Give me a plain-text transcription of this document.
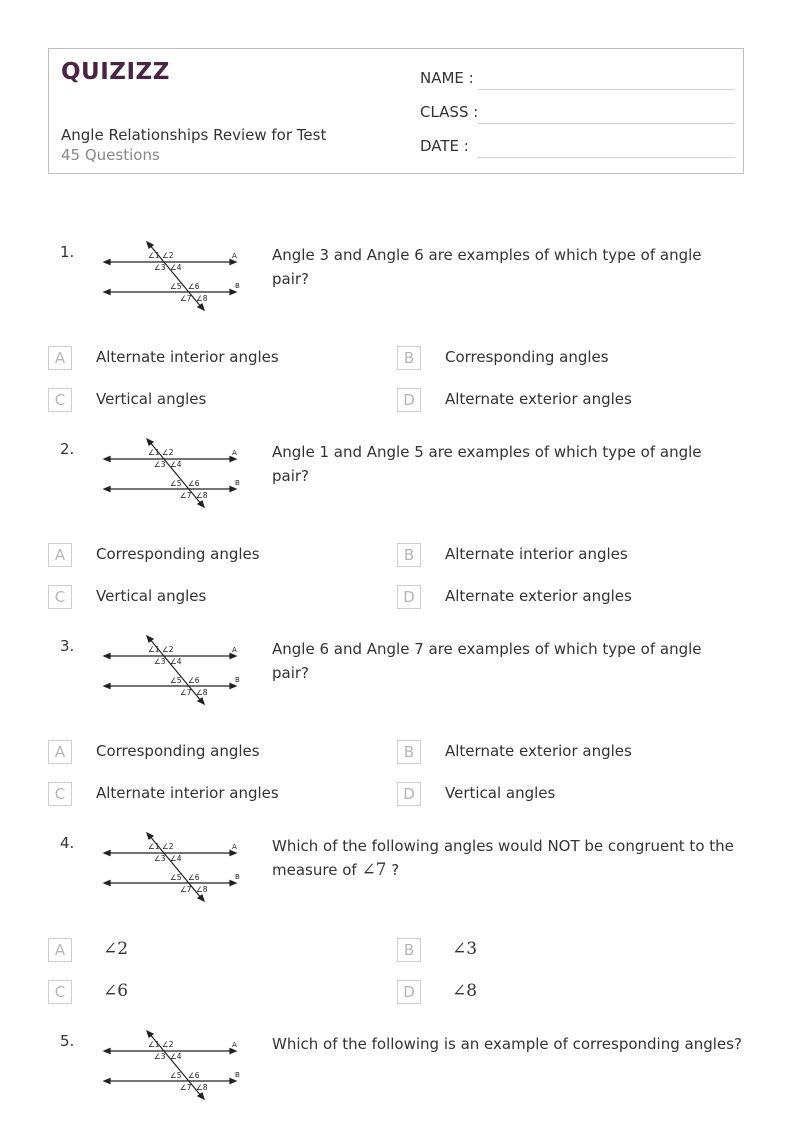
QUIZIZZ
Angle Relationships Review for Test
45 Questions
NAME :
CLASS :
DATE :
1.	∠1 ∠2
∠3 ∠4
∠5 ∠6
∠7 ∠8
A
B
Angle 3 and Angle 6 are examples of which type of angle pair?
A	Alternate interior angles	B	Corresponding angles
C	Vertical angles	D	Alternate exterior angles
2.	∠1 ∠2
∠3 ∠4
∠5 ∠6
∠7 ∠8
A
B
Angle 1 and Angle 5 are examples of which type of angle pair?
A	Corresponding angles	B	Alternate interior angles
C	Vertical angles	D	Alternate exterior angles
3.	∠1 ∠2
∠3 ∠4
∠5 ∠6
∠7 ∠8
A
B
Angle 6 and Angle 7 are examples of which type of angle pair?
A	Corresponding angles	B	Alternate exterior angles
C	Alternate interior angles	D	Vertical angles
4.	∠1 ∠2
∠3 ∠4
∠5 ∠6
∠7 ∠8
A
B
Which of the following angles would NOT be congruent to the measure of ∠7 ?
A	∠2	B	∠3
C	∠6	D	∠8
5.	∠1 ∠2
∠3 ∠4
∠5 ∠6
∠7 ∠8
A
B
Which of the following is an example of corresponding angles?
